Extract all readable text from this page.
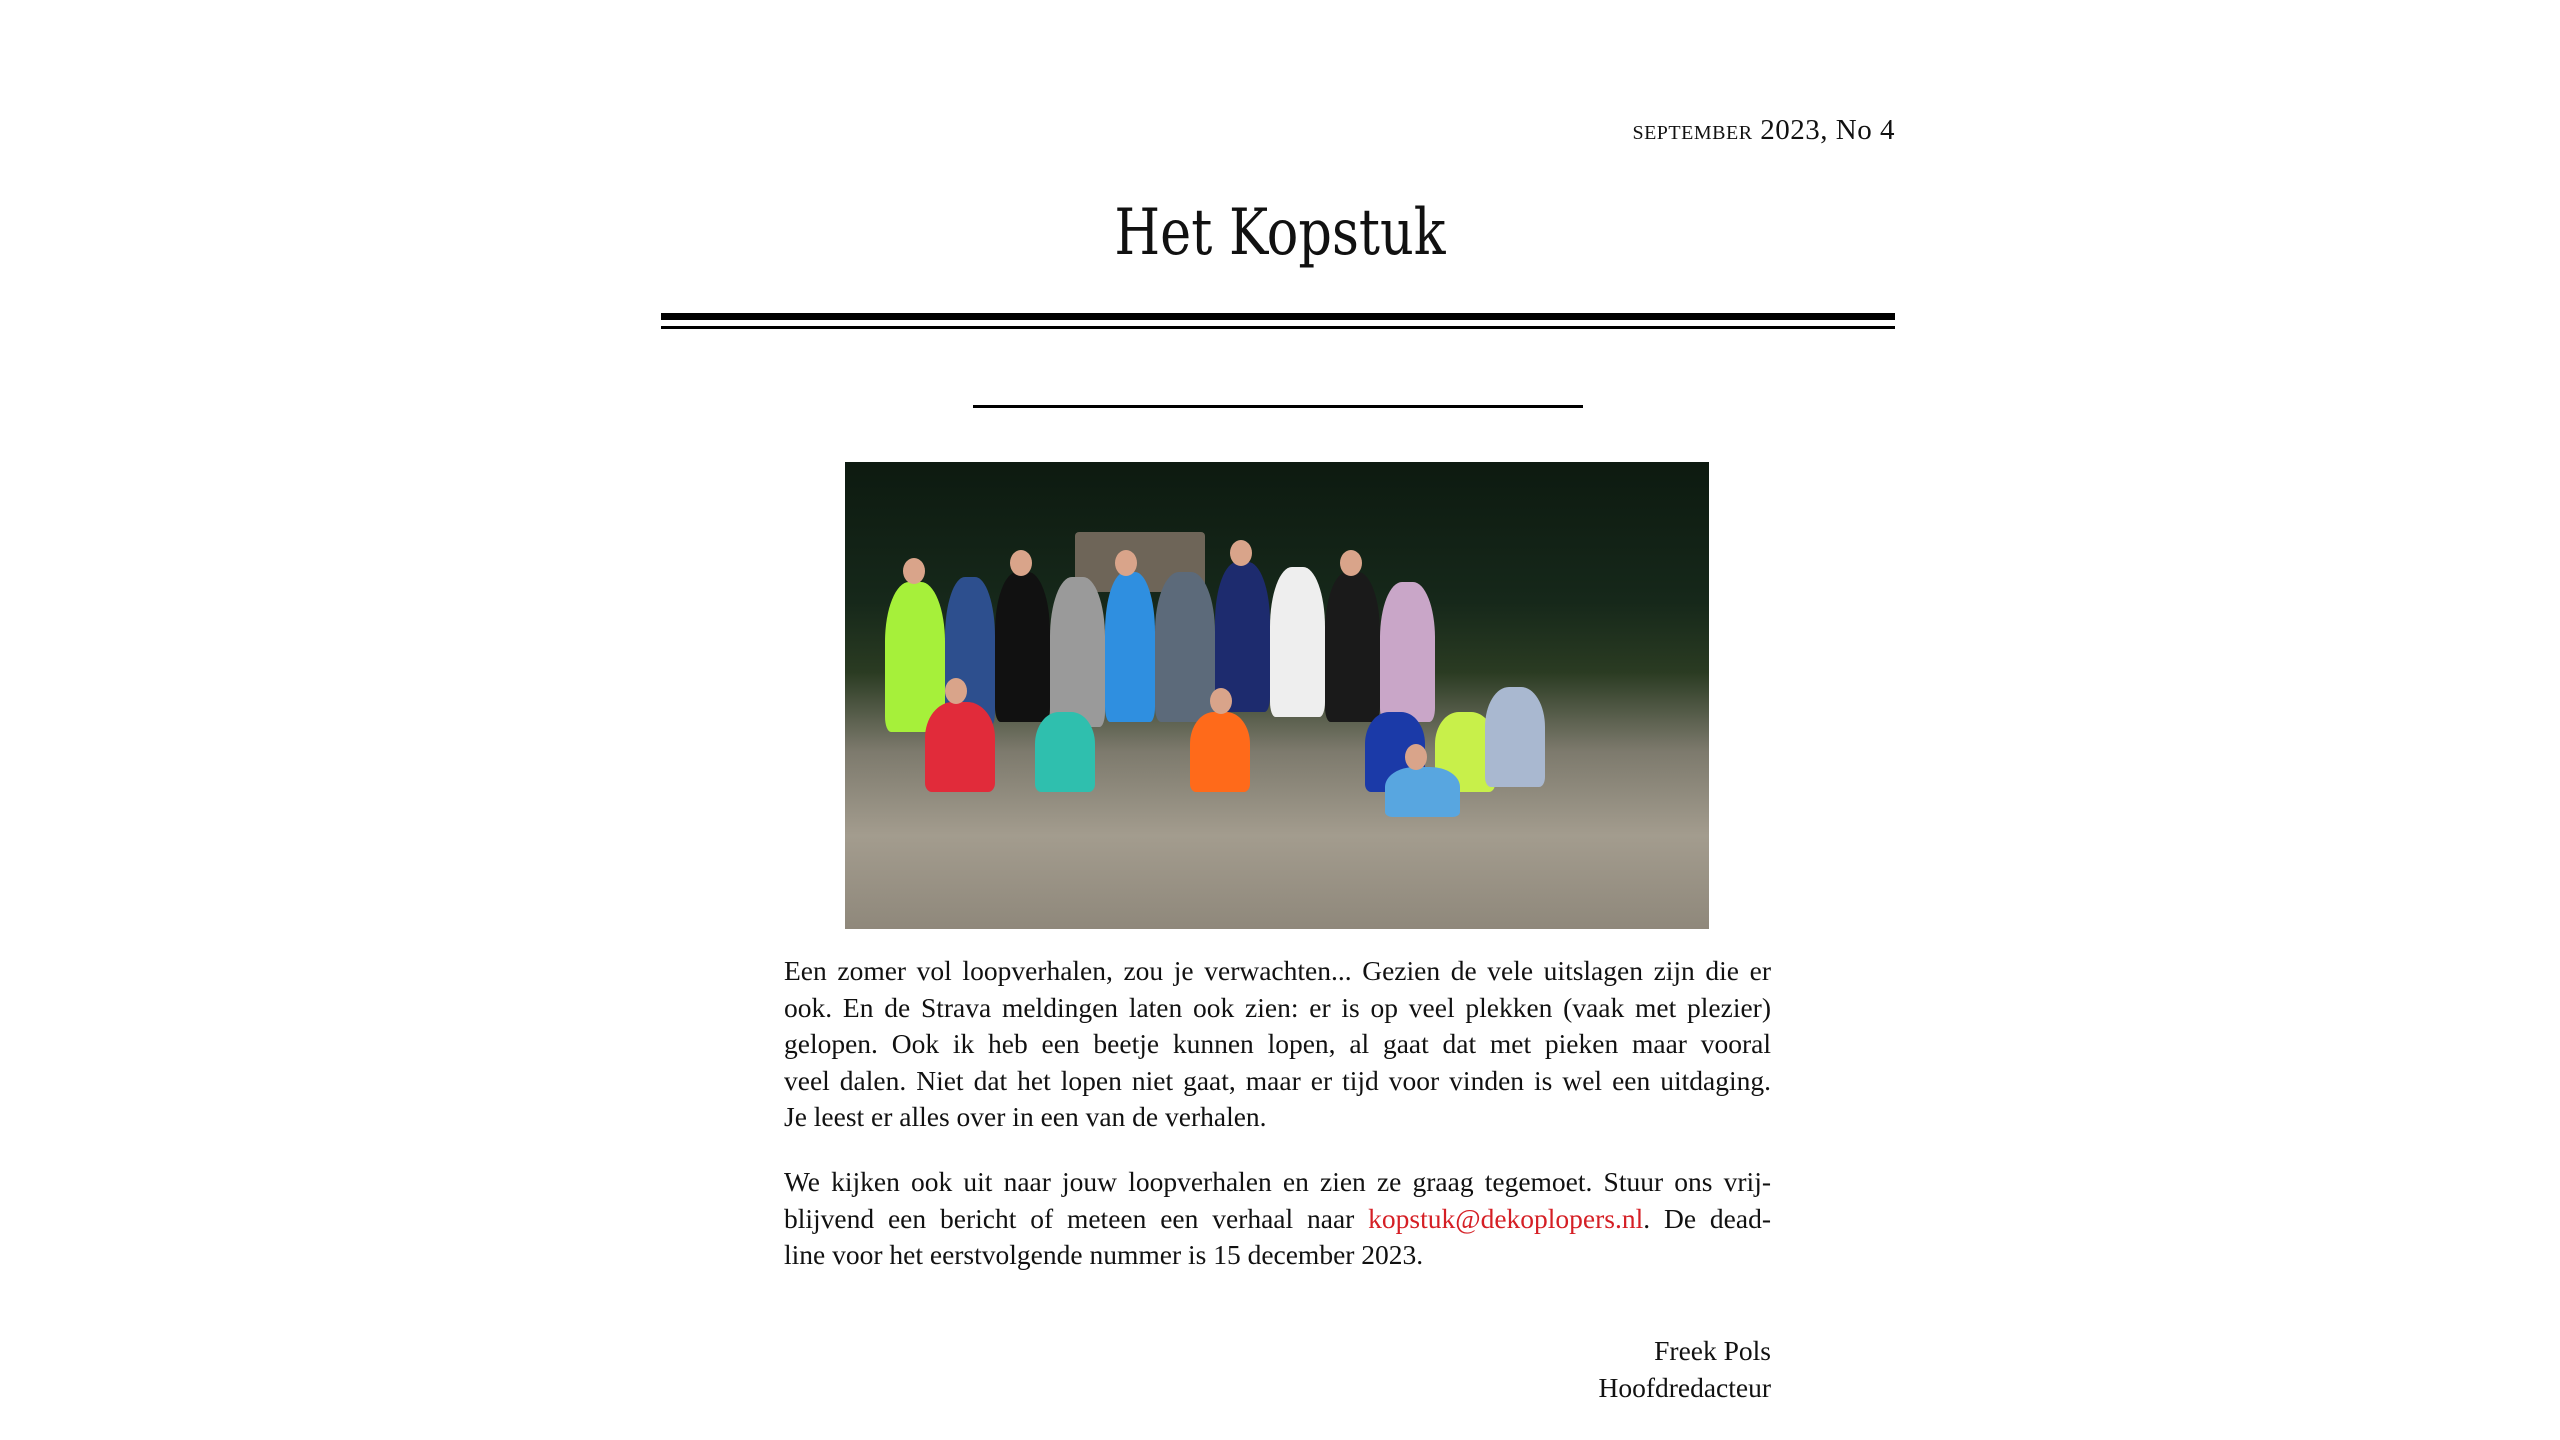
september 2023, No 4
Het Kopstuk
Een zomer vol loopverhalen, zou je verwachten... Gezien de vele uitslagen zijn die er
ook. En de Strava meldingen laten ook zien: er is op veel plekken (vaak met plezier)
gelopen. Ook ik heb een beetje kunnen lopen, al gaat dat met pieken maar vooral
veel dalen. Niet dat het lopen niet gaat, maar er tijd voor vinden is wel een uitdaging.
Je leest er alles over in een van de verhalen.
We kijken ook uit naar jouw loopverhalen en zien ze graag tegemoet. Stuur ons vrij-
blijvend een bericht of meteen een verhaal naar kopstuk@dekoplopers.nl. De dead-
line voor het eerstvolgende nummer is 15 december 2023.
Freek Pols
Hoofdredacteur
